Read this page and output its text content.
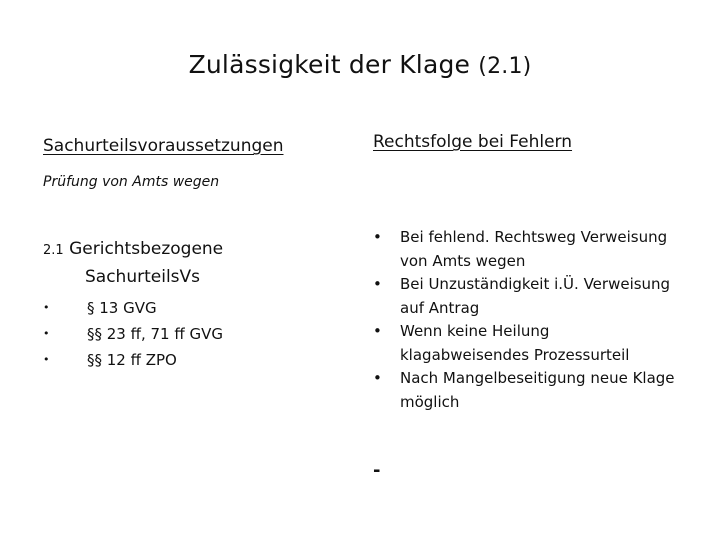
Zulässigkeit der Klage (2.1)
Sachurteilsvoraussetzungen	Rechtsfolge bei Fehlern
Prüfung von Amts wegen
2.1 Gerichtsbezogene
SachurteilsVs
•	§ 13 GVG
•	§§ 23 ff, 71 ff GVG
•	§§ 12 ff ZPO
• Bei fehlend. Rechtsweg Verweisung von Amts wegen
• Bei Unzuständigkeit i.Ü. Verweisung auf Antrag
• Wenn keine Heilung klagabweisendes Prozessurteil
• Nach Mangelbeseitigung neue Klage möglich
-
